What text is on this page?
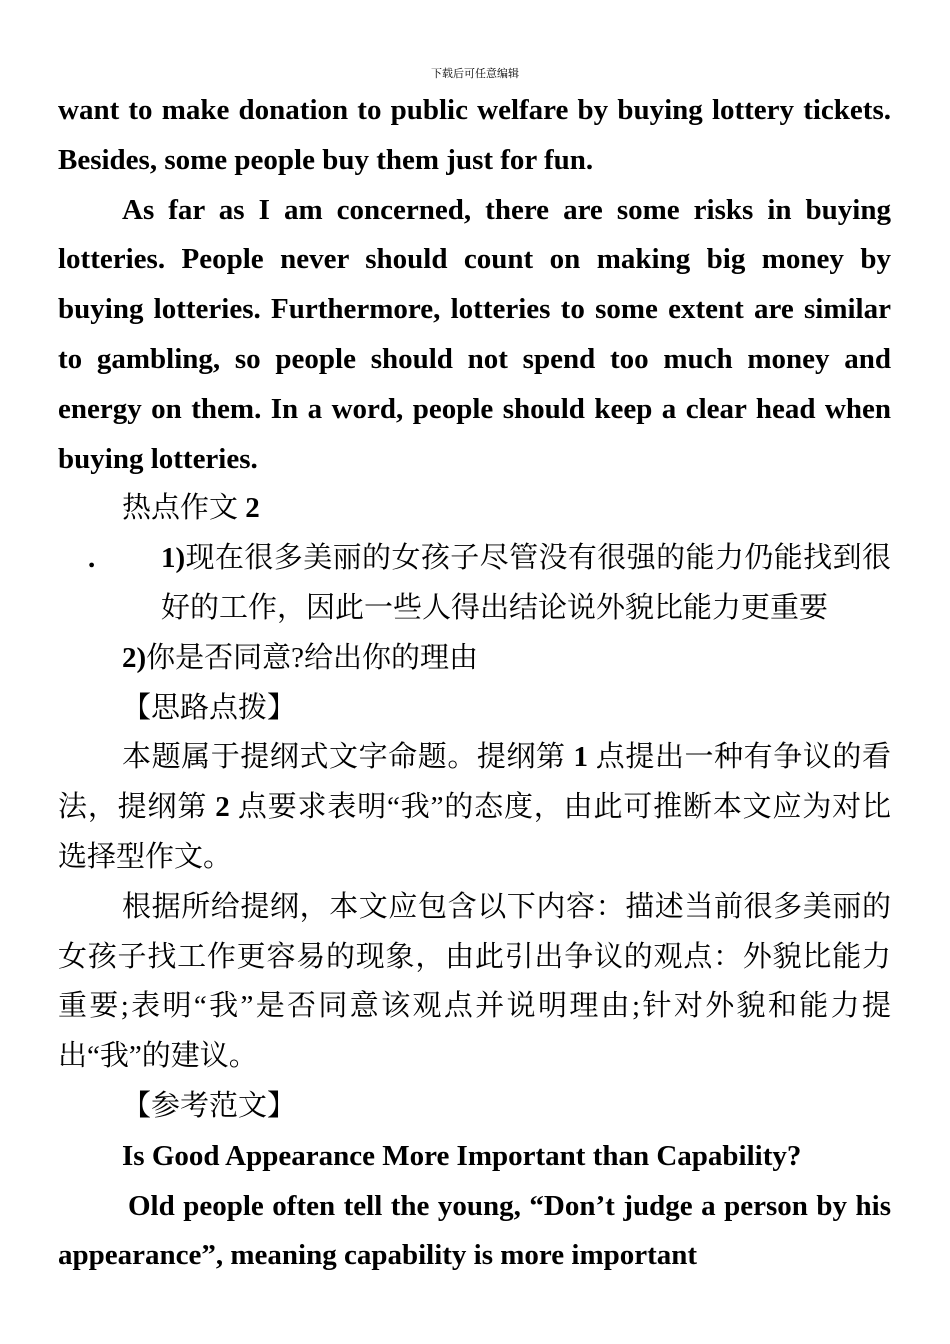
下载后可任意编辑

want to make donation to public welfare by buying lottery tickets. Besides, some people buy them just for fun.

As far as I am concerned, there are some risks in buying lotteries. People never should count on making big money by buying lotteries. Furthermore, lotteries to some extent are similar to gambling, so people should not spend too much money and energy on them. In a word, people should keep a clear head when buying lotteries.

热点作文 2

. 1)现在很多美丽的女孩子尽管没有很强的能力仍能找到很好的工作，因此一些人得出结论说外貌比能力更重要

2)你是否同意?给出你的理由

【思路点拨】

本题属于提纲式文字命题。提纲第 1 点提出一种有争议的看法，提纲第 2 点要求表明“我”的态度，由此可推断本文应为对比选择型作文。

根据所给提纲，本文应包含以下内容：描述当前很多美丽的女孩子找工作更容易的现象，由此引出争议的观点：外貌比能力重要;表明“我”是否同意该观点并说明理由;针对外貌和能力提出“我”的建议。

【参考范文】

Is Good Appearance More Important than Capability?

Old people often tell the young, “Don’t judge a person by his appearance”, meaning capability is more important
